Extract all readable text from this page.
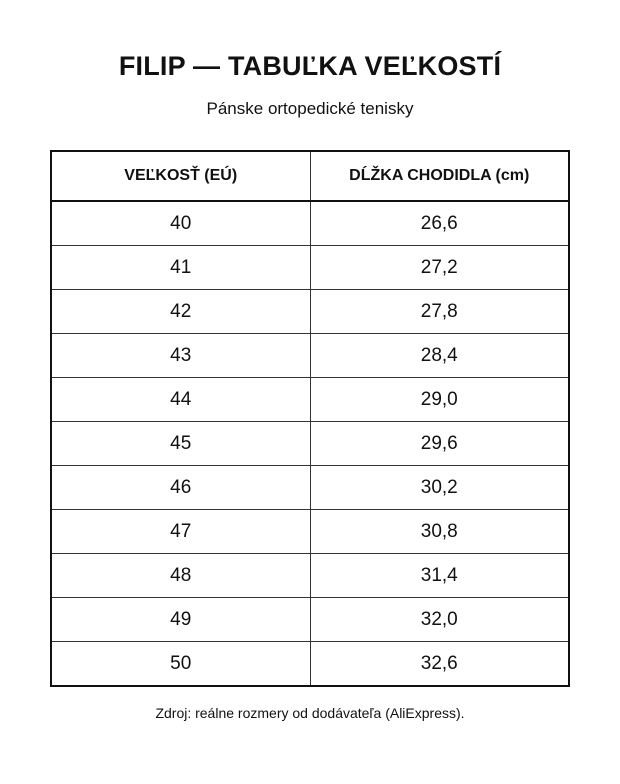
FILIP — TABUĽKA VEĽKOSTÍ
Pánske ortopedické tenisky
VEĽKOSŤ (EÚ)	DĹŽKA CHODIDLA (cm)
40	26,6
41	27,2
42	27,8
43	28,4
44	29,0
45	29,6
46	30,2
47	30,8
48	31,4
49	32,0
50	32,6
Zdroj: reálne rozmery od dodávateľa (AliExpress).
